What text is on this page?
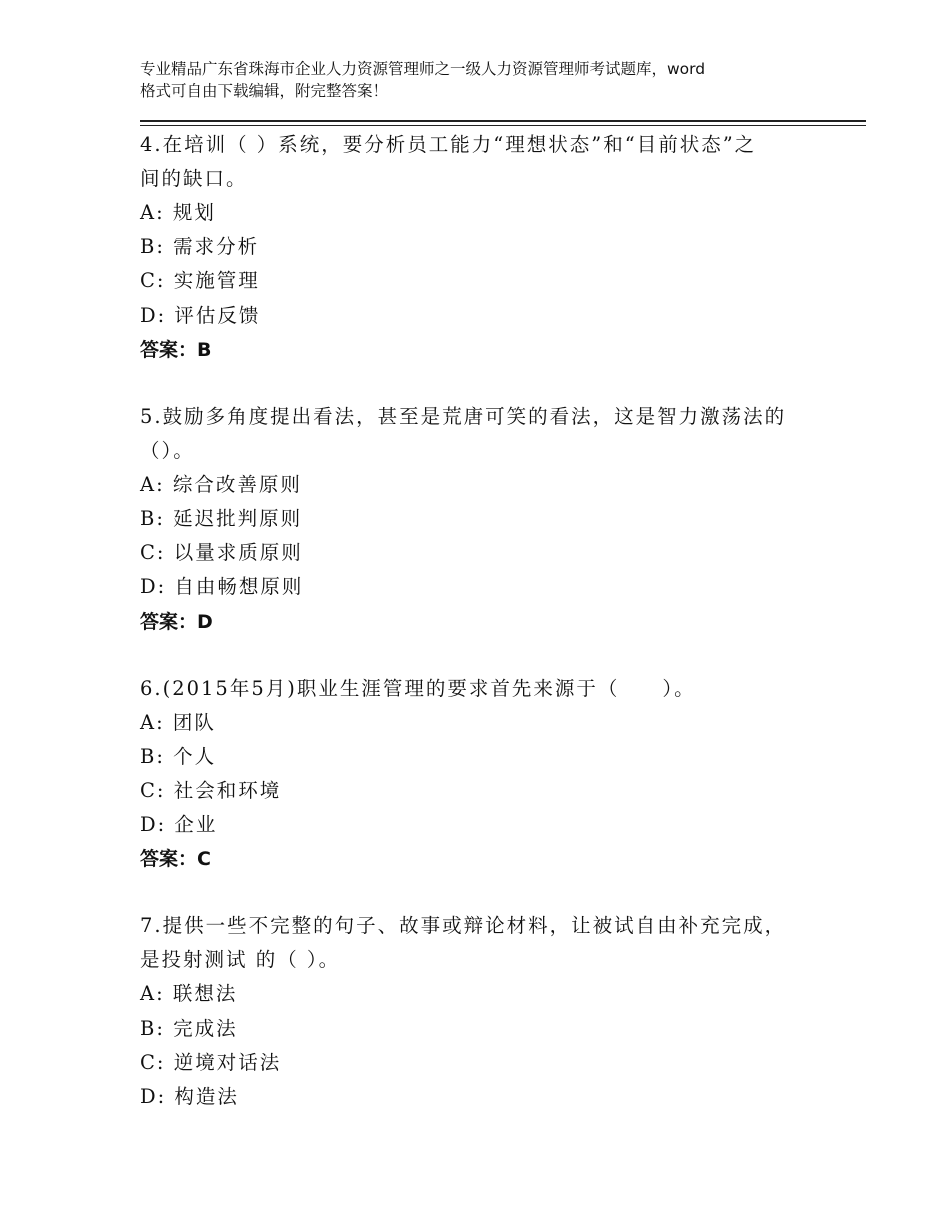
专业精品广东省珠海市企业人力资源管理师之一级人力资源管理师考试题库，word
格式可自由下载编辑，附完整答案！
4.在培训（ ）系统，要分析员工能力“理想状态”和“目前状态”之
间的缺口。
A: 规划
B: 需求分析
C: 实施管理
D: 评估反馈
答案：B
5.鼓励多角度提出看法，甚至是荒唐可笑的看法，这是智力激荡法的
（）。
A: 综合改善原则
B: 延迟批判原则
C: 以量求质原则
D: 自由畅想原则
答案：D
6.(2015年5月)职业生涯管理的要求首先来源于（　　）。
A: 团队
B: 个人
C: 社会和环境
D: 企业
答案：C
7.提供一些不完整的句子、故事或辩论材料，让被试自由补充完成，
是投射测试 的（ ）。
A: 联想法
B: 完成法
C: 逆境对话法
D: 构造法
